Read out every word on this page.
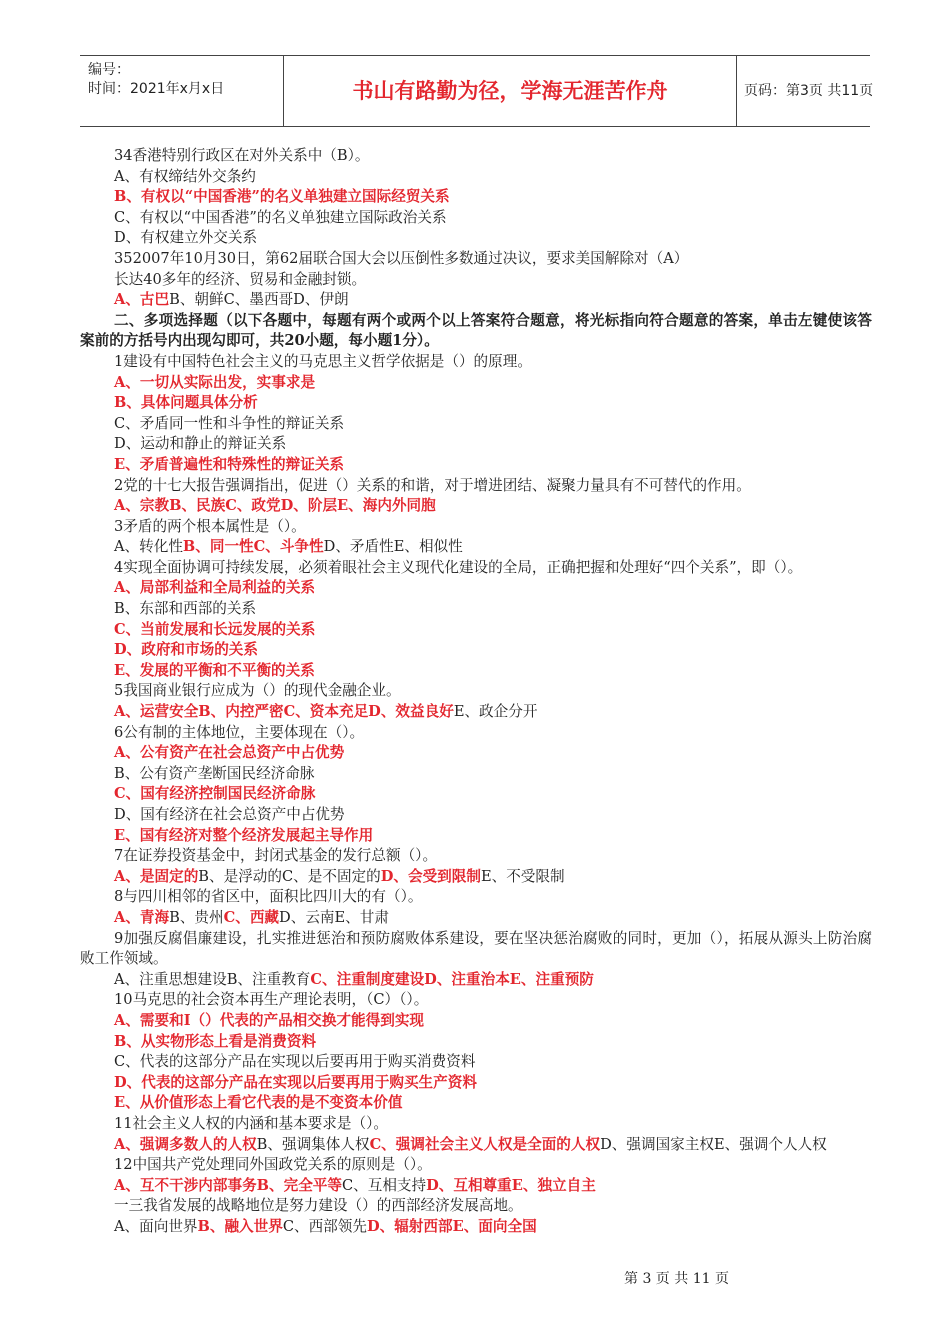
编号：
时间：2021年x月x日	书山有路勤为径，学海无涯苦作舟	页码：第3页 共11页

34香港特别行政区在对外关系中（B）。

A、有权缔结外交条约

B、有权以“中国香港”的名义单独建立国际经贸关系

C、有权以“中国香港”的名义单独建立国际政治关系

D、有权建立外交关系

352007年10月30日，第62届联合国大会以压倒性多数通过决议，要求美国解除对（A）

长达40多年的经济、贸易和金融封锁。

A、古巴B、朝鲜C、墨西哥D、伊朗

二、多项选择题（以下各题中，每题有两个或两个以上答案符合题意，将光标指向符合题意的答案，单击左键使该答案前的方括号内出现勾即可，共20小题，每小题1分）。

1建设有中国特色社会主义的马克思主义哲学依据是（）的原理。

A、一切从实际出发，实事求是

B、具体问题具体分析

C、矛盾同一性和斗争性的辩证关系

D、运动和静止的辩证关系

E、矛盾普遍性和特殊性的辩证关系

2党的十七大报告强调指出，促进（）关系的和谐，对于增进团结、凝聚力量具有不可替代的作用。

A、宗教B、民族C、政党D、阶层E、海内外同胞

3矛盾的两个根本属性是（）。

A、转化性B、同一性C、斗争性D、矛盾性E、相似性

4实现全面协调可持续发展，必须着眼社会主义现代化建设的全局，正确把握和处理好“四个关系”，即（）。

A、局部利益和全局利益的关系

B、东部和西部的关系

C、当前发展和长远发展的关系

D、政府和市场的关系

E、发展的平衡和不平衡的关系

5我国商业银行应成为（）的现代金融企业。

A、运营安全B、内控严密C、资本充足D、效益良好E、政企分开

6公有制的主体地位，主要体现在（）。

A、公有资产在社会总资产中占优势

B、公有资产垄断国民经济命脉

C、国有经济控制国民经济命脉

D、国有经济在社会总资产中占优势

E、国有经济对整个经济发展起主导作用

7在证券投资基金中，封闭式基金的发行总额（）。

A、是固定的B、是浮动的C、是不固定的D、会受到限制E、不受限制

8与四川相邻的省区中，面积比四川大的有（）。

A、青海B、贵州C、西藏D、云南E、甘肃

9加强反腐倡廉建设，扎实推进惩治和预防腐败体系建设，要在坚决惩治腐败的同时，更加（），拓展从源头上防治腐败工作领域。

A、注重思想建设B、注重教育C、注重制度建设D、注重治本E、注重预防

10马克思的社会资本再生产理论表明，（C）（）。

A、需要和I（）代表的产品相交换才能得到实现

B、从实物形态上看是消费资料

C、代表的这部分产品在实现以后要再用于购买消费资料

D、代表的这部分产品在实现以后要再用于购买生产资料

E、从价值形态上看它代表的是不变资本价值

11社会主义人权的内涵和基本要求是（）。

A、强调多数人的人权B、强调集体人权C、强调社会主义人权是全面的人权D、强调国家主权E、强调个人人权

12中国共产党处理同外国政党关系的原则是（）。

A、互不干涉内部事务B、完全平等C、互相支持D、互相尊重E、独立自主

一三我省发展的战略地位是努力建设（）的西部经济发展高地。

A、面向世界B、融入世界C、西部领先D、辐射西部E、面向全国

第 3 页 共 11 页
